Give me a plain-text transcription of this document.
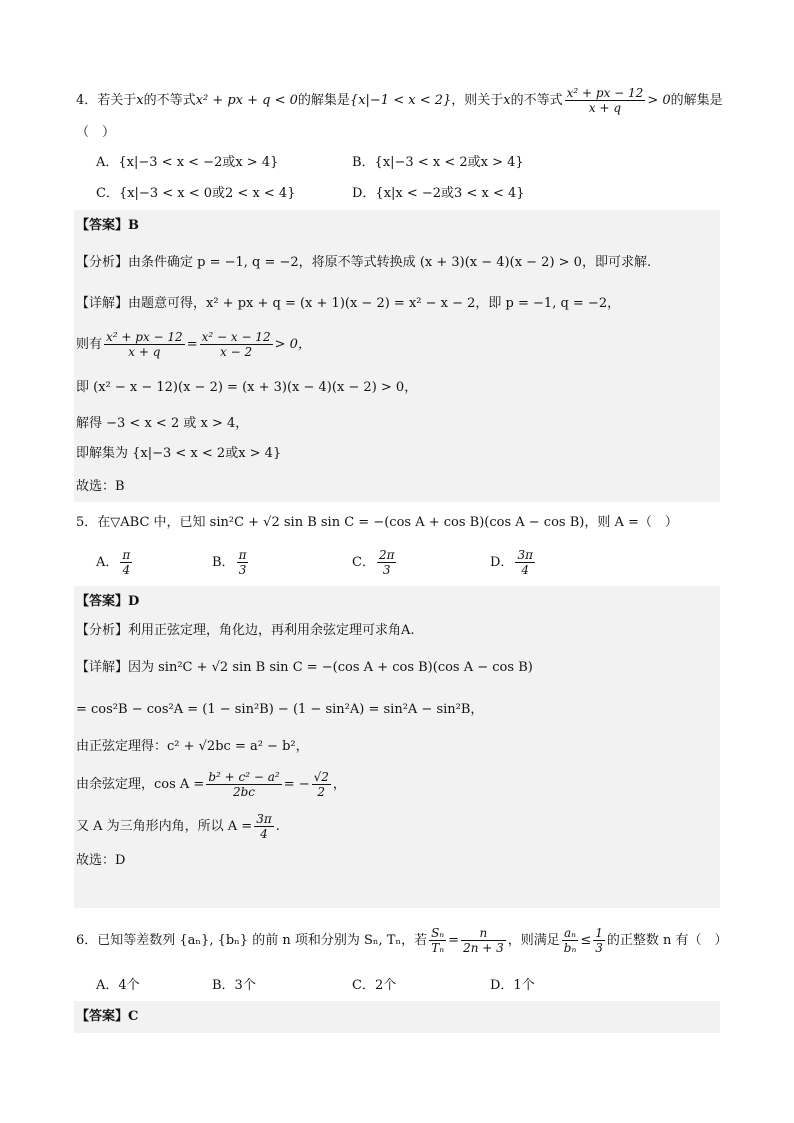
4．若关于x的不等式x² + px + q < 0的解集是{x|−1 < x < 2}，则关于x的不等式 $\frac{\text{x² + px − 12}}{x + q} > 0$的解集是
（　）
A．{x|−3 < x < −2或x > 4}	B．{x|−3 < x < 2或x > 4}
C．{x|−3 < x < 0或2 < x < 4}	D．{x|x < −2或3 < x < 4}
【答案】B
【分析】由条件确定 p = −1, q = −2，将原不等式转换成 (x + 3)(x − 4)(x − 2) > 0，即可求解.
【详解】由题意可得，x² + px + q = (x + 1)(x − 2) = x² − x − 2，即 p = −1, q = −2，
则有 $\frac{\text{x² + px − 12}}{x + q} = \frac{\text{x² − x − 12}}{x - 2} > 0$，
即 (x² − x − 12)(x − 2) = (x + 3)(x − 4)(x − 2) > 0，
解得 −3 < x < 2 或 x > 4，
即解集为 {x|−3 < x < 2或x > 4}
故选：B
5．在▽ABC 中，已知 sin²C + √2 sin B sin C = −(cos A + cos B)(cos A − cos B)，则 A =（　）
A． $\frac{\pi}{4}$	B． $\frac{\pi}{3}$	C． $\frac{2\pi}{3}$	D． $\frac{3\pi}{4}$
【答案】D
【分析】利用正弦定理，角化边，再利用余弦定理可求角A.
【详解】因为 sin²C + √2 sin B sin C = −(cos A + cos B)(cos A − cos B)
= cos²B − cos²A = (1 − sin²B) − (1 − sin²A) = sin²A − sin²B，
由正弦定理得：c² + √2bc = a² − b²，
由余弦定理，$\cos A = \frac{\text{b² + c² − a²}}{2bc}$ = − $\frac{√2}{2}$ ，
又 A 为三角形内角，所以 $A = \frac{3\pi}{4}$ .
故选：D
6．已知等差数列 {aₙ}, {bₙ} 的前 n 项和分别为 Sₙ, Tₙ，若 $\frac{\text{Sₙ}}{\text{Tₙ}} = \frac{n}{2n + 3}$ ，则满足 $\frac{\text{aₙ}}{\text{bₙ}} \le \frac{1}{3}$ 的正整数 n 有（　）
A．4个	B．3个	C．2个	D．1个
【答案】C
